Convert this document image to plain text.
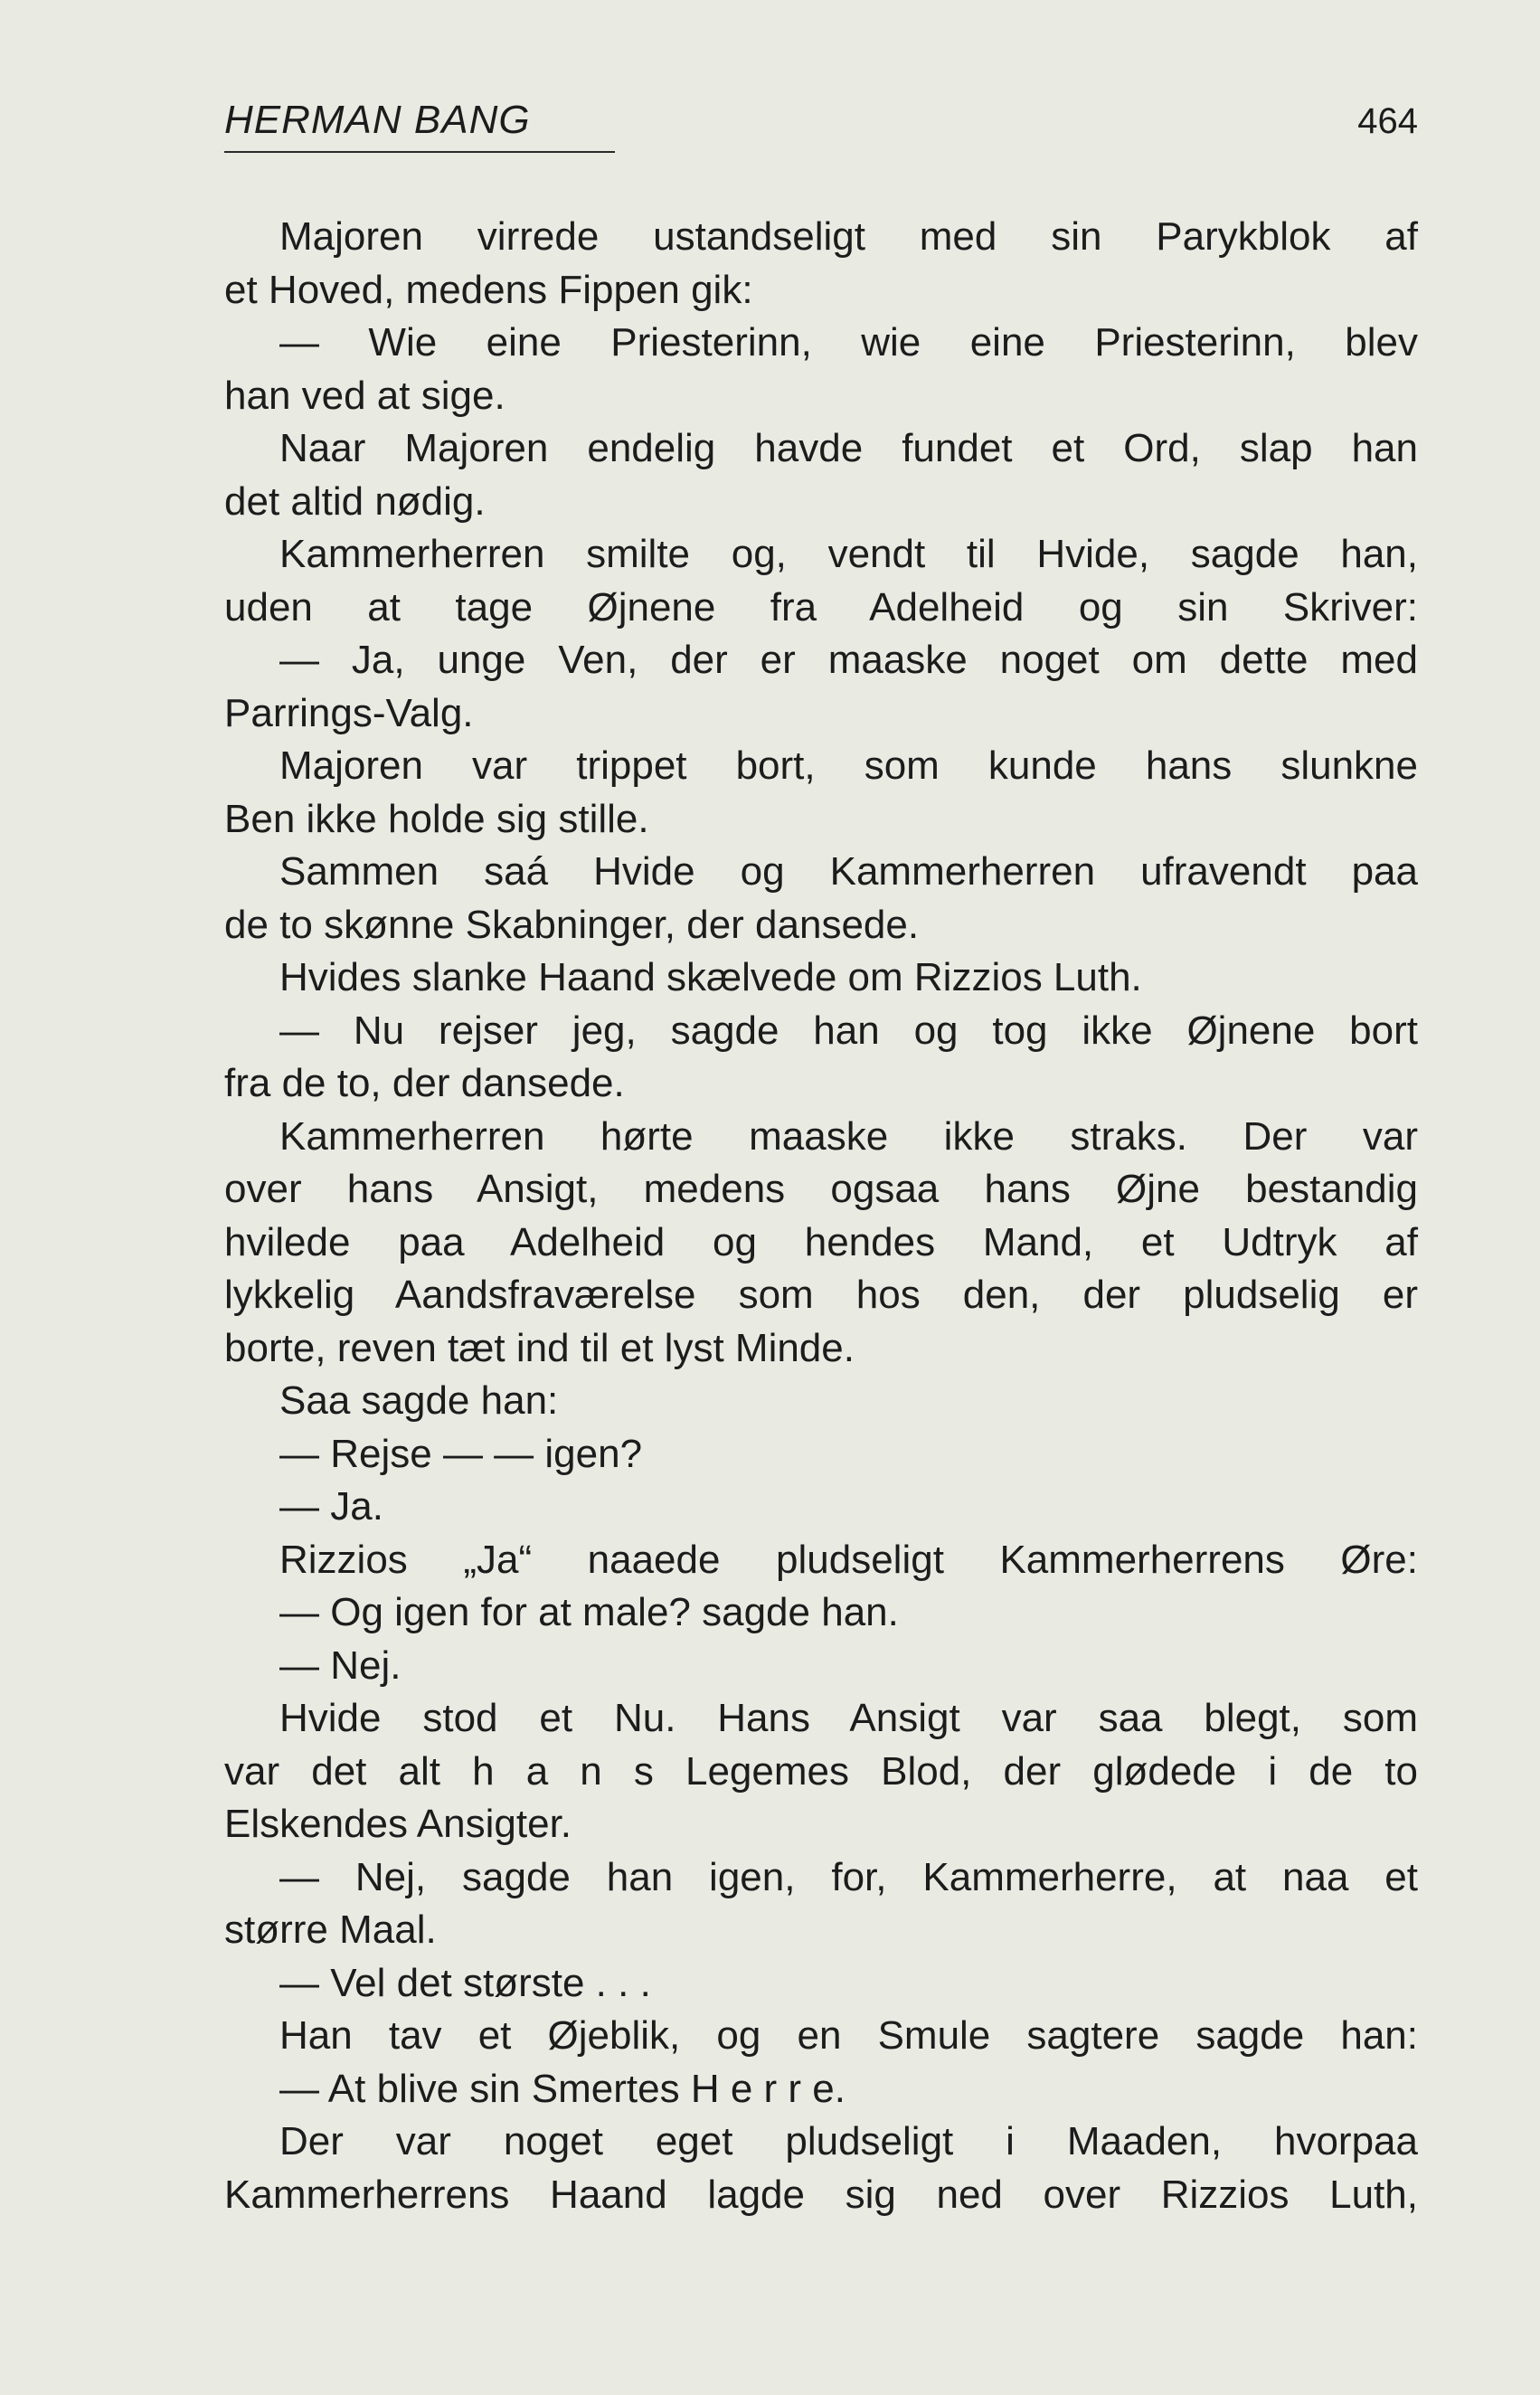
HERMAN BANG	464
Majoren virrede ustandseligt med sin Parykblok af
et Hoved, medens Fippen gik:
— Wie eine Priesterinn, wie eine Priesterinn, blev
han ved at sige.
Naar Majoren endelig havde fundet et Ord, slap han
det altid nødig.
Kammerherren smilte og, vendt til Hvide, sagde han,
uden at tage Øjnene fra Adelheid og sin Skriver:
— Ja, unge Ven, der er maaske noget om dette med
Parrings-Valg.
Majoren var trippet bort, som kunde hans slunkne
Ben ikke holde sig stille.
Sammen saá Hvide og Kammerherren ufravendt paa
de to skønne Skabninger, der dansede.
Hvides slanke Haand skælvede om Rizzios Luth.
— Nu rejser jeg, sagde han og tog ikke Øjnene bort
fra de to, der dansede.
Kammerherren hørte maaske ikke straks. Der var
over hans Ansigt, medens ogsaa hans Øjne bestandig
hvilede paa Adelheid og hendes Mand, et Udtryk af
lykkelig Aandsfraværelse som hos den, der pludselig er
borte, reven tæt ind til et lyst Minde.
Saa sagde han:
— Rejse — — igen?
— Ja.
Rizzios „Ja“ naaede pludseligt Kammerherrens Øre:
— Og igen for at male? sagde han.
— Nej.
Hvide stod et Nu. Hans Ansigt var saa blegt, som
var det alt h a n s Legemes Blod, der glødede i de to
Elskendes Ansigter.
— Nej, sagde han igen, for, Kammerherre, at naa et
større Maal.
— Vel det største . . .
Han tav et Øjeblik, og en Smule sagtere sagde han:
— At blive sin Smertes H e r r e.
Der var noget eget pludseligt i Maaden, hvorpaa
Kammerherrens Haand lagde sig ned over Rizzios Luth,
